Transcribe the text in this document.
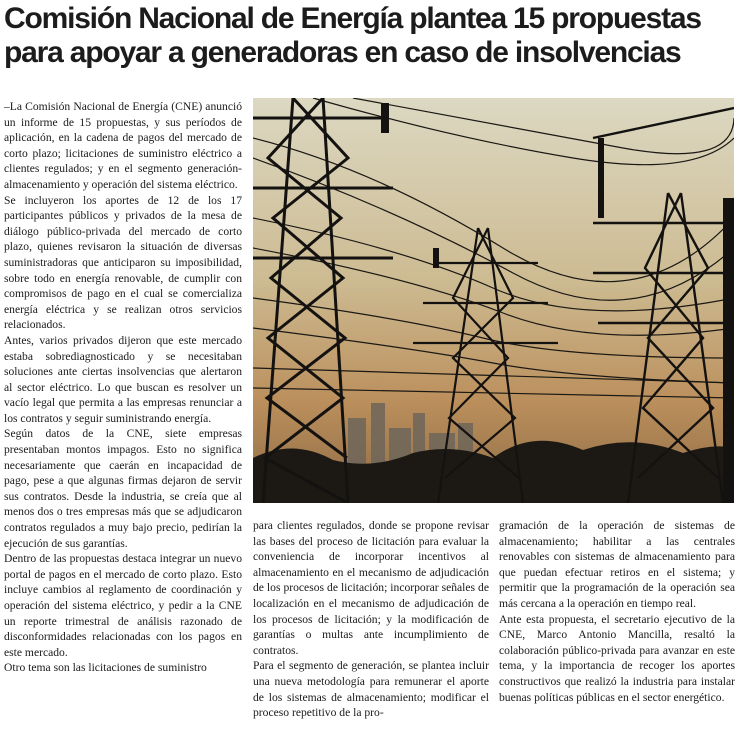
Comisión Nacional de Energía plantea 15 propuestas para apoyar a generadoras en caso de insolvencias

–La Comisión Nacional de Energía (CNE) anunció un informe de 15 propuestas, y sus períodos de aplicación, en la cadena de pagos del mercado de corto plazo; licitaciones de suministro eléctrico a clientes regulados; y en el segmento generación-almacenamiento y operación del sistema eléctrico.

Se incluyeron los aportes de 12 de los 17 participantes públicos y privados de la mesa de diálogo público-privada del mercado de corto plazo, quienes revisaron la situación de diversas suministradoras que anticiparon su imposibilidad, sobre todo en energía renovable, de cumplir con compromisos de pago en el cual se comercializa energía eléctrica y se realizan otros servicios relacionados.

Antes, varios privados dijeron que este mercado estaba sobrediagnosticado y se necesitaban soluciones ante ciertas insolvencias que alertaron al sector eléctrico. Lo que buscan es resolver un vacío legal que permita a las empresas renunciar a los contratos y seguir suministrando energía.

Según datos de la CNE, siete empresas presentaban montos impagos. Esto no significa necesariamente que caerán en incapacidad de pago, pese a que algunas firmas dejaron de servir sus contratos. Desde la industria, se creía que al menos dos o tres empresas más que se adjudicaron contratos regulados a muy bajo precio, pedirían la ejecución de sus garantías.

Dentro de las propuestas destaca integrar un nuevo portal de pagos en el mercado de corto plazo. Esto incluye cambios al reglamento de coordinación y operación del sistema eléctrico, y pedir a la CNE un reporte trimestral de análisis razonado de disconformidades relacionadas con los pagos en este mercado.

Otro tema son las licitaciones de suministro

para clientes regulados, donde se propone revisar las bases del proceso de licitación para evaluar la conveniencia de incorporar incentivos al almacenamiento en el mecanismo de adjudicación de los procesos de licitación; incorporar señales de localización en el mecanismo de adjudicación de los procesos de licitación; y la modificación de garantías o multas ante incumplimiento de contratos.

Para el segmento de generación, se plantea incluir una nueva metodología para remunerar el aporte de los sistemas de almacenamiento; modificar el proceso repetitivo de la pro-

gramación de la operación de sistemas de almacenamiento; habilitar a las centrales renovables con sistemas de almacenamiento para que puedan efectuar retiros en el sistema; y permitir que la programación de la operación sea más cercana a la operación en tiempo real.

Ante esta propuesta, el secretario ejecutivo de la CNE, Marco Antonio Mancilla, resaltó la colaboración público-privada para avanzar en este tema, y la importancia de recoger los aportes constructivos que realizó la industria para instalar buenas políticas públicas en el sector energético.
